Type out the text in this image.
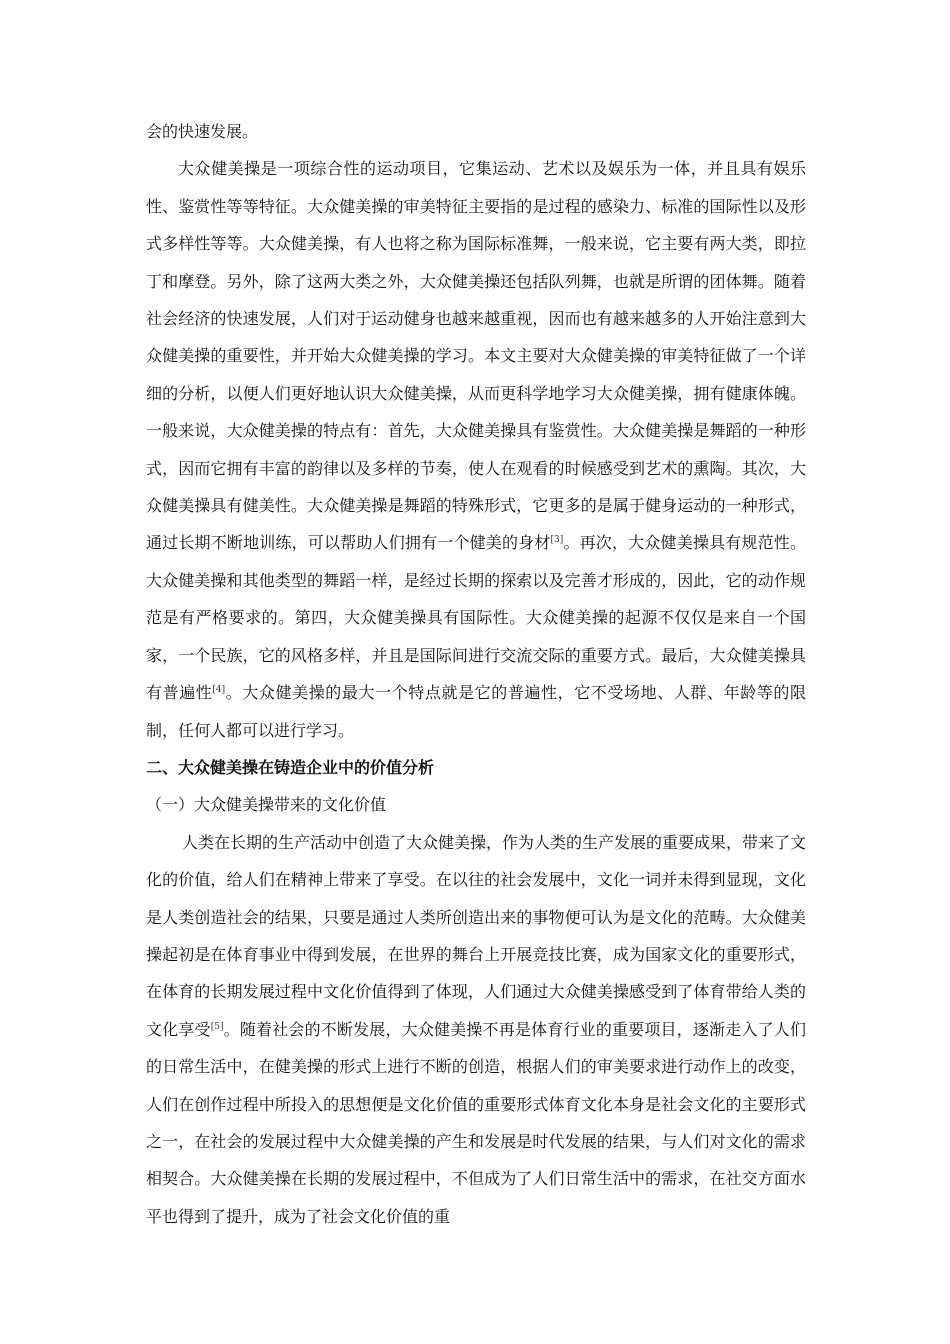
会的快速发展。

大众健美操是一项综合性的运动项目，它集运动、艺术以及娱乐为一体，并且具有娱乐性、鉴赏性等等特征。大众健美操的审美特征主要指的是过程的感染力、标准的国际性以及形式多样性等等。大众健美操，有人也将之称为国际标准舞，一般来说，它主要有两大类，即拉丁和摩登。另外，除了这两大类之外，大众健美操还包括队列舞，也就是所谓的团体舞。随着社会经济的快速发展，人们对于运动健身也越来越重视，因而也有越来越多的人开始注意到大众健美操的重要性，并开始大众健美操的学习。本文主要对大众健美操的审美特征做了一个详细的分析，以便人们更好地认识大众健美操，从而更科学地学习大众健美操，拥有健康体魄。一般来说，大众健美操的特点有：首先，大众健美操具有鉴赏性。大众健美操是舞蹈的一种形式，因而它拥有丰富的韵律以及多样的节奏，使人在观看的时候感受到艺术的熏陶。其次，大众健美操具有健美性。大众健美操是舞蹈的特殊形式，它更多的是属于健身运动的一种形式，通过长期不断地训练，可以帮助人们拥有一个健美的身材[3]。再次，大众健美操具有规范性。大众健美操和其他类型的舞蹈一样，是经过长期的探索以及完善才形成的，因此，它的动作规范是有严格要求的。第四，大众健美操具有国际性。大众健美操的起源不仅仅是来自一个国家，一个民族，它的风格多样，并且是国际间进行交流交际的重要方式。最后，大众健美操具有普遍性[4]。大众健美操的最大一个特点就是它的普遍性，它不受场地、人群、年龄等的限制，任何人都可以进行学习。

二、大众健美操在铸造企业中的价值分析

（一）大众健美操带来的文化价值

人类在长期的生产活动中创造了大众健美操，作为人类的生产发展的重要成果，带来了文化的价值，给人们在精神上带来了享受。在以往的社会发展中，文化一词并未得到显现，文化是人类创造社会的结果，只要是通过人类所创造出来的事物便可认为是文化的范畴。大众健美操起初是在体育事业中得到发展，在世界的舞台上开展竞技比赛，成为国家文化的重要形式，在体育的长期发展过程中文化价值得到了体现，人们通过大众健美操感受到了体育带给人类的文化享受[5]。随着社会的不断发展，大众健美操不再是体育行业的重要项目，逐渐走入了人们的日常生活中，在健美操的形式上进行不断的创造，根据人们的审美要求进行动作上的改变，人们在创作过程中所投入的思想便是文化价值的重要形式体育文化本身是社会文化的主要形式之一，在社会的发展过程中大众健美操的产生和发展是时代发展的结果，与人们对文化的需求相契合。大众健美操在长期的发展过程中，不但成为了人们日常生活中的需求，在社交方面水平也得到了提升，成为了社会文化价值的重
